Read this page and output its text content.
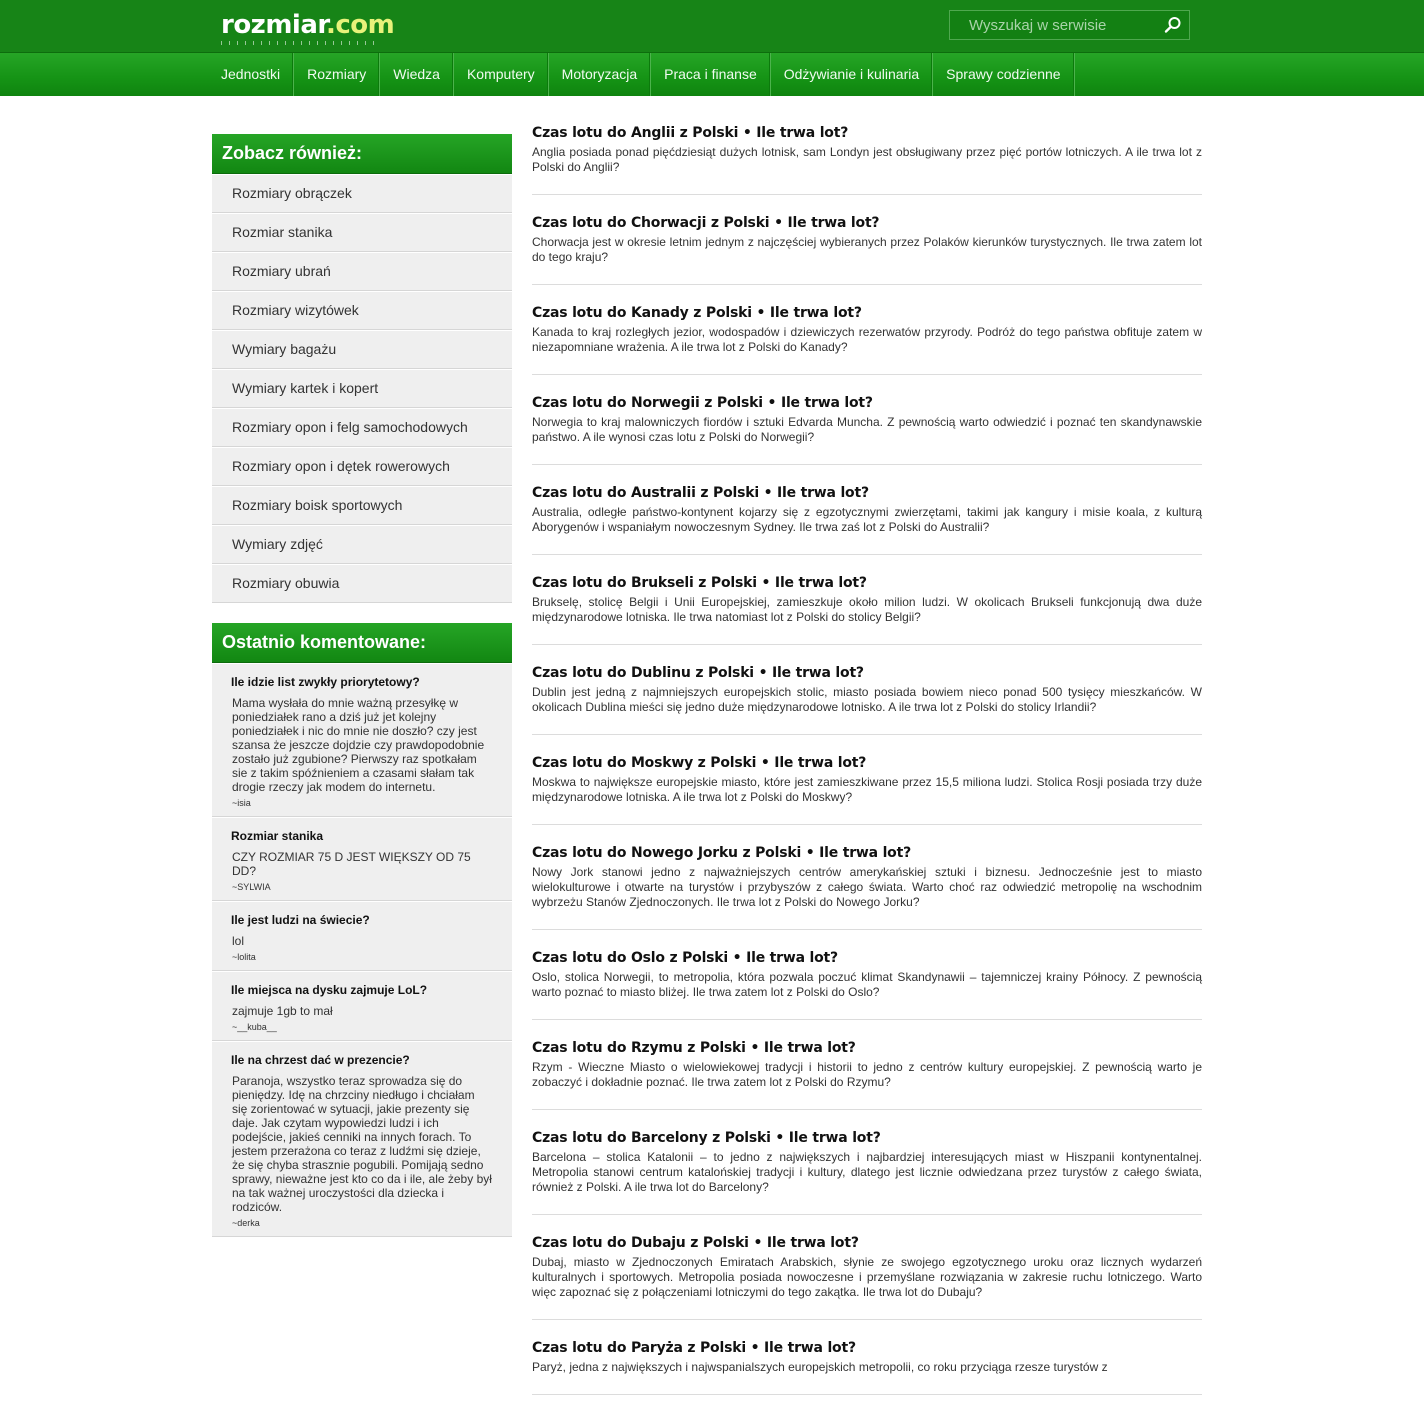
rozmiar.com
Wyszukaj w serwisie
Jednostki	Rozmiary	Wiedza	Komputery	Motoryzacja	Praca i finanse	Odżywianie i kulinaria	Sprawy codzienne
Zobacz również:
Rozmiary obrączek
Rozmiar stanika
Rozmiary ubrań
Rozmiary wizytówek
Wymiary bagażu
Wymiary kartek i kopert
Rozmiary opon i felg samochodowych
Rozmiary opon i dętek rowerowych
Rozmiary boisk sportowych
Wymiary zdjęć
Rozmiary obuwia
Ostatnio komentowane:
Ile idzie list zwykły priorytetowy?
Mama wysłała do mnie ważną przesyłkę w poniedziałek rano a dziś już jet kolejny poniedziałek i nic do mnie nie doszło? czy jest szansa że jeszcze dojdzie czy prawdopodobnie zostało już zgubione? Pierwszy raz spotkałam sie z takim spóźnieniem a czasami słałam tak drogie rzeczy jak modem do internetu.
~isia
Rozmiar stanika
CZY ROZMIAR 75 D JEST WIĘKSZY OD 75 DD?
~SYLWIA
Ile jest ludzi na świecie?
lol
~lolita
Ile miejsca na dysku zajmuje LoL?
zajmuje 1gb to mał
~__kuba__
Ile na chrzest dać w prezencie?
Paranoja, wszystko teraz sprowadza się do pieniędzy. Idę na chrzciny niedługo i chciałam się zorientować w sytuacji, jakie prezenty się daje. Jak czytam wypowiedzi ludzi i ich podejście, jakieś cenniki na innych forach. To jestem przerażona co teraz z ludźmi się dzieje, że się chyba strasznie pogubili. Pomijają sedno sprawy, nieważne jest kto co da i ile, ale żeby był na tak ważnej uroczystości dla dziecka i rodziców.
~derka
Czas lotu do Anglii z Polski • Ile trwa lot?

Anglia posiada ponad pięćdziesiąt dużych lotnisk, sam Londyn jest obsługiwany przez pięć portów lotniczych. A ile trwa lot z Polski do Anglii?

Czas lotu do Chorwacji z Polski • Ile trwa lot?

Chorwacja jest w okresie letnim jednym z najczęściej wybieranych przez Polaków kierunków turystycznych. Ile trwa zatem lot do tego kraju?

Czas lotu do Kanady z Polski • Ile trwa lot?

Kanada to kraj rozległych jezior, wodospadów i dziewiczych rezerwatów przyrody. Podróż do tego państwa obfituje zatem w niezapomniane wrażenia. A ile trwa lot z Polski do Kanady?

Czas lotu do Norwegii z Polski • Ile trwa lot?

Norwegia to kraj malowniczych fiordów i sztuki Edvarda Muncha. Z pewnością warto odwiedzić i poznać ten skandynawskie państwo. A ile wynosi czas lotu z Polski do Norwegii?

Czas lotu do Australii z Polski • Ile trwa lot?

Australia, odległe państwo-kontynent kojarzy się z egzotycznymi zwierzętami, takimi jak kangury i misie koala, z kulturą Aborygenów i wspaniałym nowoczesnym Sydney. Ile trwa zaś lot z Polski do Australii?

Czas lotu do Brukseli z Polski • Ile trwa lot?

Brukselę, stolicę Belgii i Unii Europejskiej, zamieszkuje około milion ludzi. W okolicach Brukseli funkcjonują dwa duże międzynarodowe lotniska. Ile trwa natomiast lot z Polski do stolicy Belgii?

Czas lotu do Dublinu z Polski • Ile trwa lot?

Dublin jest jedną z najmniejszych europejskich stolic, miasto posiada bowiem nieco ponad 500 tysięcy mieszkańców. W okolicach Dublina mieści się jedno duże międzynarodowe lotnisko. A ile trwa lot z Polski do stolicy Irlandii?

Czas lotu do Moskwy z Polski • Ile trwa lot?

Moskwa to największe europejskie miasto, które jest zamieszkiwane przez 15,5 miliona ludzi. Stolica Rosji posiada trzy duże międzynarodowe lotniska. A ile trwa lot z Polski do Moskwy?

Czas lotu do Nowego Jorku z Polski • Ile trwa lot?

Nowy Jork stanowi jedno z najważniejszych centrów amerykańskiej sztuki i biznesu. Jednocześnie jest to miasto wielokulturowe i otwarte na turystów i przybyszów z całego świata. Warto choć raz odwiedzić metropolię na wschodnim wybrzeżu Stanów Zjednoczonych. Ile trwa lot z Polski do Nowego Jorku?

Czas lotu do Oslo z Polski • Ile trwa lot?

Oslo, stolica Norwegii, to metropolia, która pozwala poczuć klimat Skandynawii – tajemniczej krainy Północy. Z pewnością warto poznać to miasto bliżej. Ile trwa zatem lot z Polski do Oslo?

Czas lotu do Rzymu z Polski • Ile trwa lot?

Rzym - Wieczne Miasto o wielowiekowej tradycji i historii to jedno z centrów kultury europejskiej. Z pewnością warto je zobaczyć i dokładnie poznać. Ile trwa zatem lot z Polski do Rzymu?

Czas lotu do Barcelony z Polski • Ile trwa lot?

Barcelona – stolica Katalonii – to jedno z największych i najbardziej interesujących miast w Hiszpanii kontynentalnej. Metropolia stanowi centrum katalońskiej tradycji i kultury, dlatego jest licznie odwiedzana przez turystów z całego świata, również z Polski. A ile trwa lot do Barcelony?

Czas lotu do Dubaju z Polski • Ile trwa lot?

Dubaj, miasto w Zjednoczonych Emiratach Arabskich, słynie ze swojego egzotycznego uroku oraz licznych wydarzeń kulturalnych i sportowych. Metropolia posiada nowoczesne i przemyślane rozwiązania w zakresie ruchu lotniczego. Warto więc zapoznać się z połączeniami lotniczymi do tego zakątka. Ile trwa lot do Dubaju?

Czas lotu do Paryża z Polski • Ile trwa lot?

Paryż, jedna z największych i najwspanialszych europejskich metropolii, co roku przyciąga rzesze turystów z
